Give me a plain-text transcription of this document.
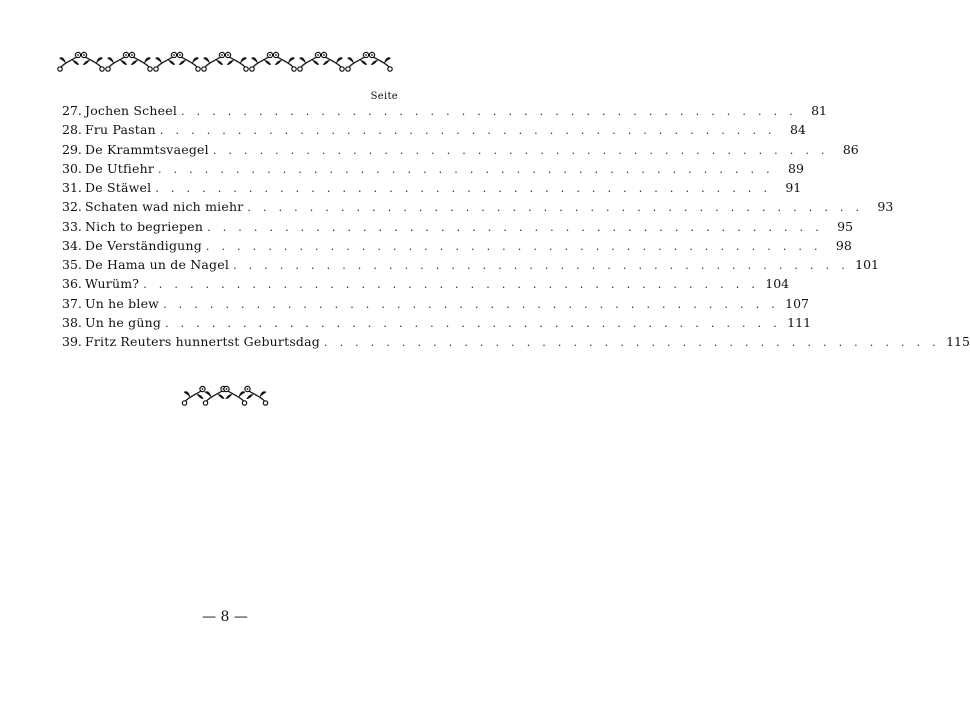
Seite
27. Jochen Scheel . . . . . . . . . . . . . . . . . . . . . . . . . . . . . . . . . . . . . . . .	81
28. Fru Pastan . . . . . . . . . . . . . . . . . . . . . . . . . . . . . . . . . . . . . . . .	84
29. De Krammtsvaegel . . . . . . . . . . . . . . . . . . . . . . . . . . . . . . . . . . . . . . . .	86
30. De Utfiehr . . . . . . . . . . . . . . . . . . . . . . . . . . . . . . . . . . . . . . . .	89
31. De Stäwel . . . . . . . . . . . . . . . . . . . . . . . . . . . . . . . . . . . . . . . .	91
32. Schaten wad nich miehr . . . . . . . . . . . . . . . . . . . . . . . . . . . . . . . . . . . . . . . .	93
33. Nich to begriepen . . . . . . . . . . . . . . . . . . . . . . . . . . . . . . . . . . . . . . . .	95
34. De Verständigung . . . . . . . . . . . . . . . . . . . . . . . . . . . . . . . . . . . . . . . .	98
35. De Hama un de Nagel . . . . . . . . . . . . . . . . . . . . . . . . . . . . . . . . . . . . . . . . 101
36. Wurüm? . . . . . . . . . . . . . . . . . . . . . . . . . . . . . . . . . . . . . . . . 104
37. Un he blew . . . . . . . . . . . . . . . . . . . . . . . . . . . . . . . . . . . . . . . . 107
38. Un he güng . . . . . . . . . . . . . . . . . . . . . . . . . . . . . . . . . . . . . . . . 111
39. Fritz Reuters hunnertst Geburtsdag . . . . . . . . . . . . . . . . . . . . . . . . . . . . . . . . . . . . . . . . 115
— 8 —
